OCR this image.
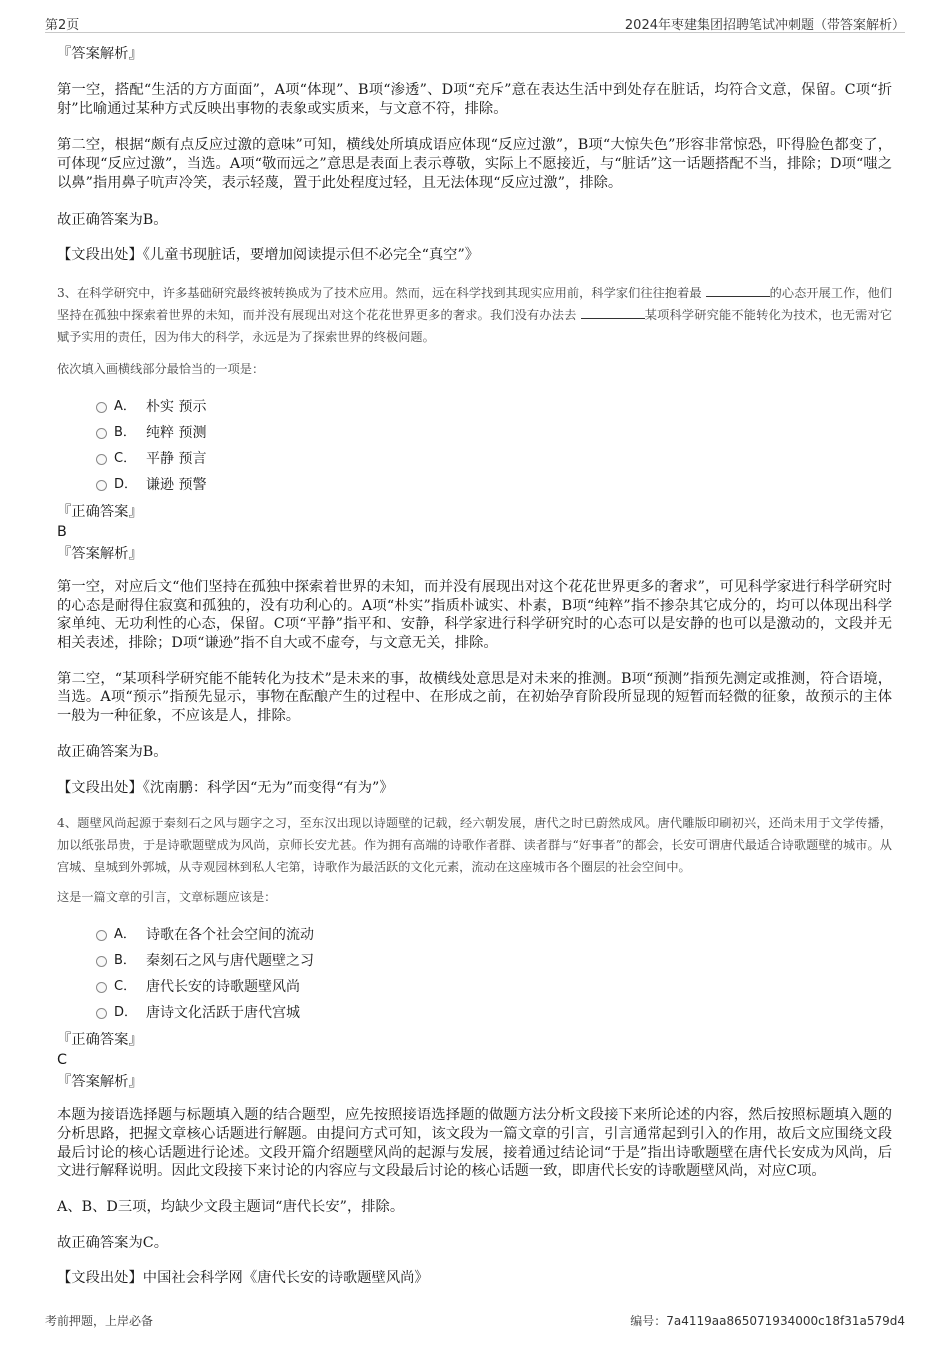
第2页	2024年枣建集团招聘笔试冲刺题（带答案解析）

『答案解析』

第一空，搭配“生活的方方面面”，A项“体现”、B项“渗透”、D项“充斥”意在表达生活中到处存在脏话，均符合文意，保留。C项“折射”比喻通过某种方式反映出事物的表象或实质来，与文意不符，排除。

第二空，根据“颇有点反应过激的意味”可知，横线处所填成语应体现“反应过激”，B项“大惊失色”形容非常惊恐，吓得脸色都变了，可体现“反应过激”，当选。A项“敬而远之”意思是表面上表示尊敬，实际上不愿接近，与“脏话”这一话题搭配不当，排除；D项“嗤之以鼻”指用鼻子吭声冷笑，表示轻蔑，置于此处程度过轻，且无法体现“反应过激”，排除。

故正确答案为B。

【文段出处】《儿童书现脏话，要增加阅读提示但不必完全“真空”》

3、在科学研究中，许多基础研究最终被转换成为了技术应用。然而，远在科学找到其现实应用前，科学家们往往抱着最	的心态开展工作，他们坚持在孤独中探索着世界的未知，而并没有展现出对这个花花世界更多的奢求。我们没有办法去	某项科学研究能不能转化为技术，也无需对它赋予实用的责任，因为伟大的科学，永远是为了探索世界的终极问题。

依次填入画横线部分最恰当的一项是：

A． 朴实 预示
B． 纯粹 预测
C． 平静 预言
D． 谦逊 预警

『正确答案』

B

『答案解析』

第一空，对应后文“他们坚持在孤独中探索着世界的未知，而并没有展现出对这个花花世界更多的奢求”，可见科学家进行科学研究时的心态是耐得住寂寞和孤独的，没有功利心的。A项“朴实”指质朴诚实、朴素，B项“纯粹”指不掺杂其它成分的，均可以体现出科学家单纯、无功利性的心态，保留。C项“平静”指平和、安静，科学家进行科学研究时的心态可以是安静的也可以是激动的，文段并无相关表述，排除；D项“谦逊”指不自大或不虚夸，与文意无关，排除。

第二空，“某项科学研究能不能转化为技术”是未来的事，故横线处意思是对未来的推测。B项“预测”指预先测定或推测，符合语境，当选。A项“预示”指预先显示，事物在酝酿产生的过程中、在形成之前，在初始孕育阶段所显现的短暂而轻微的征象，故预示的主体一般为一种征象，不应该是人，排除。

故正确答案为B。

【文段出处】《沈南鹏：科学因“无为”而变得“有为”》

4、题壁风尚起源于秦刻石之风与题字之习，至东汉出现以诗题壁的记载，经六朝发展，唐代之时已蔚然成风。唐代雕版印刷初兴，还尚未用于文学传播，加以纸张昂贵，于是诗歌题壁成为风尚，京师长安尤甚。作为拥有高端的诗歌作者群、读者群与“好事者”的都会，长安可谓唐代最适合诗歌题壁的城市。从宫城、皇城到外郭城，从寺观园林到私人宅第，诗歌作为最活跃的文化元素，流动在这座城市各个圈层的社会空间中。

这是一篇文章的引言，文章标题应该是：

A． 诗歌在各个社会空间的流动
B． 秦刻石之风与唐代题壁之习
C． 唐代长安的诗歌题壁风尚
D． 唐诗文化活跃于唐代宫城

『正确答案』

C

『答案解析』

本题为接语选择题与标题填入题的结合题型，应先按照接语选择题的做题方法分析文段接下来所论述的内容，然后按照标题填入题的分析思路，把握文章核心话题进行解题。由提问方式可知，该文段为一篇文章的引言，引言通常起到引入的作用，故后文应围绕文段最后讨论的核心话题进行论述。文段开篇介绍题壁风尚的起源与发展，接着通过结论词“于是”指出诗歌题壁在唐代长安成为风尚，后文进行解释说明。因此文段接下来讨论的内容应与文段最后讨论的核心话题一致，即唐代长安的诗歌题壁风尚，对应C项。

A、B、D三项，均缺少文段主题词“唐代长安”，排除。

故正确答案为C。

【文段出处】中国社会科学网《唐代长安的诗歌题壁风尚》

考前押题，上岸必备	编号：7a4119aa865071934000c18f31a579d4
